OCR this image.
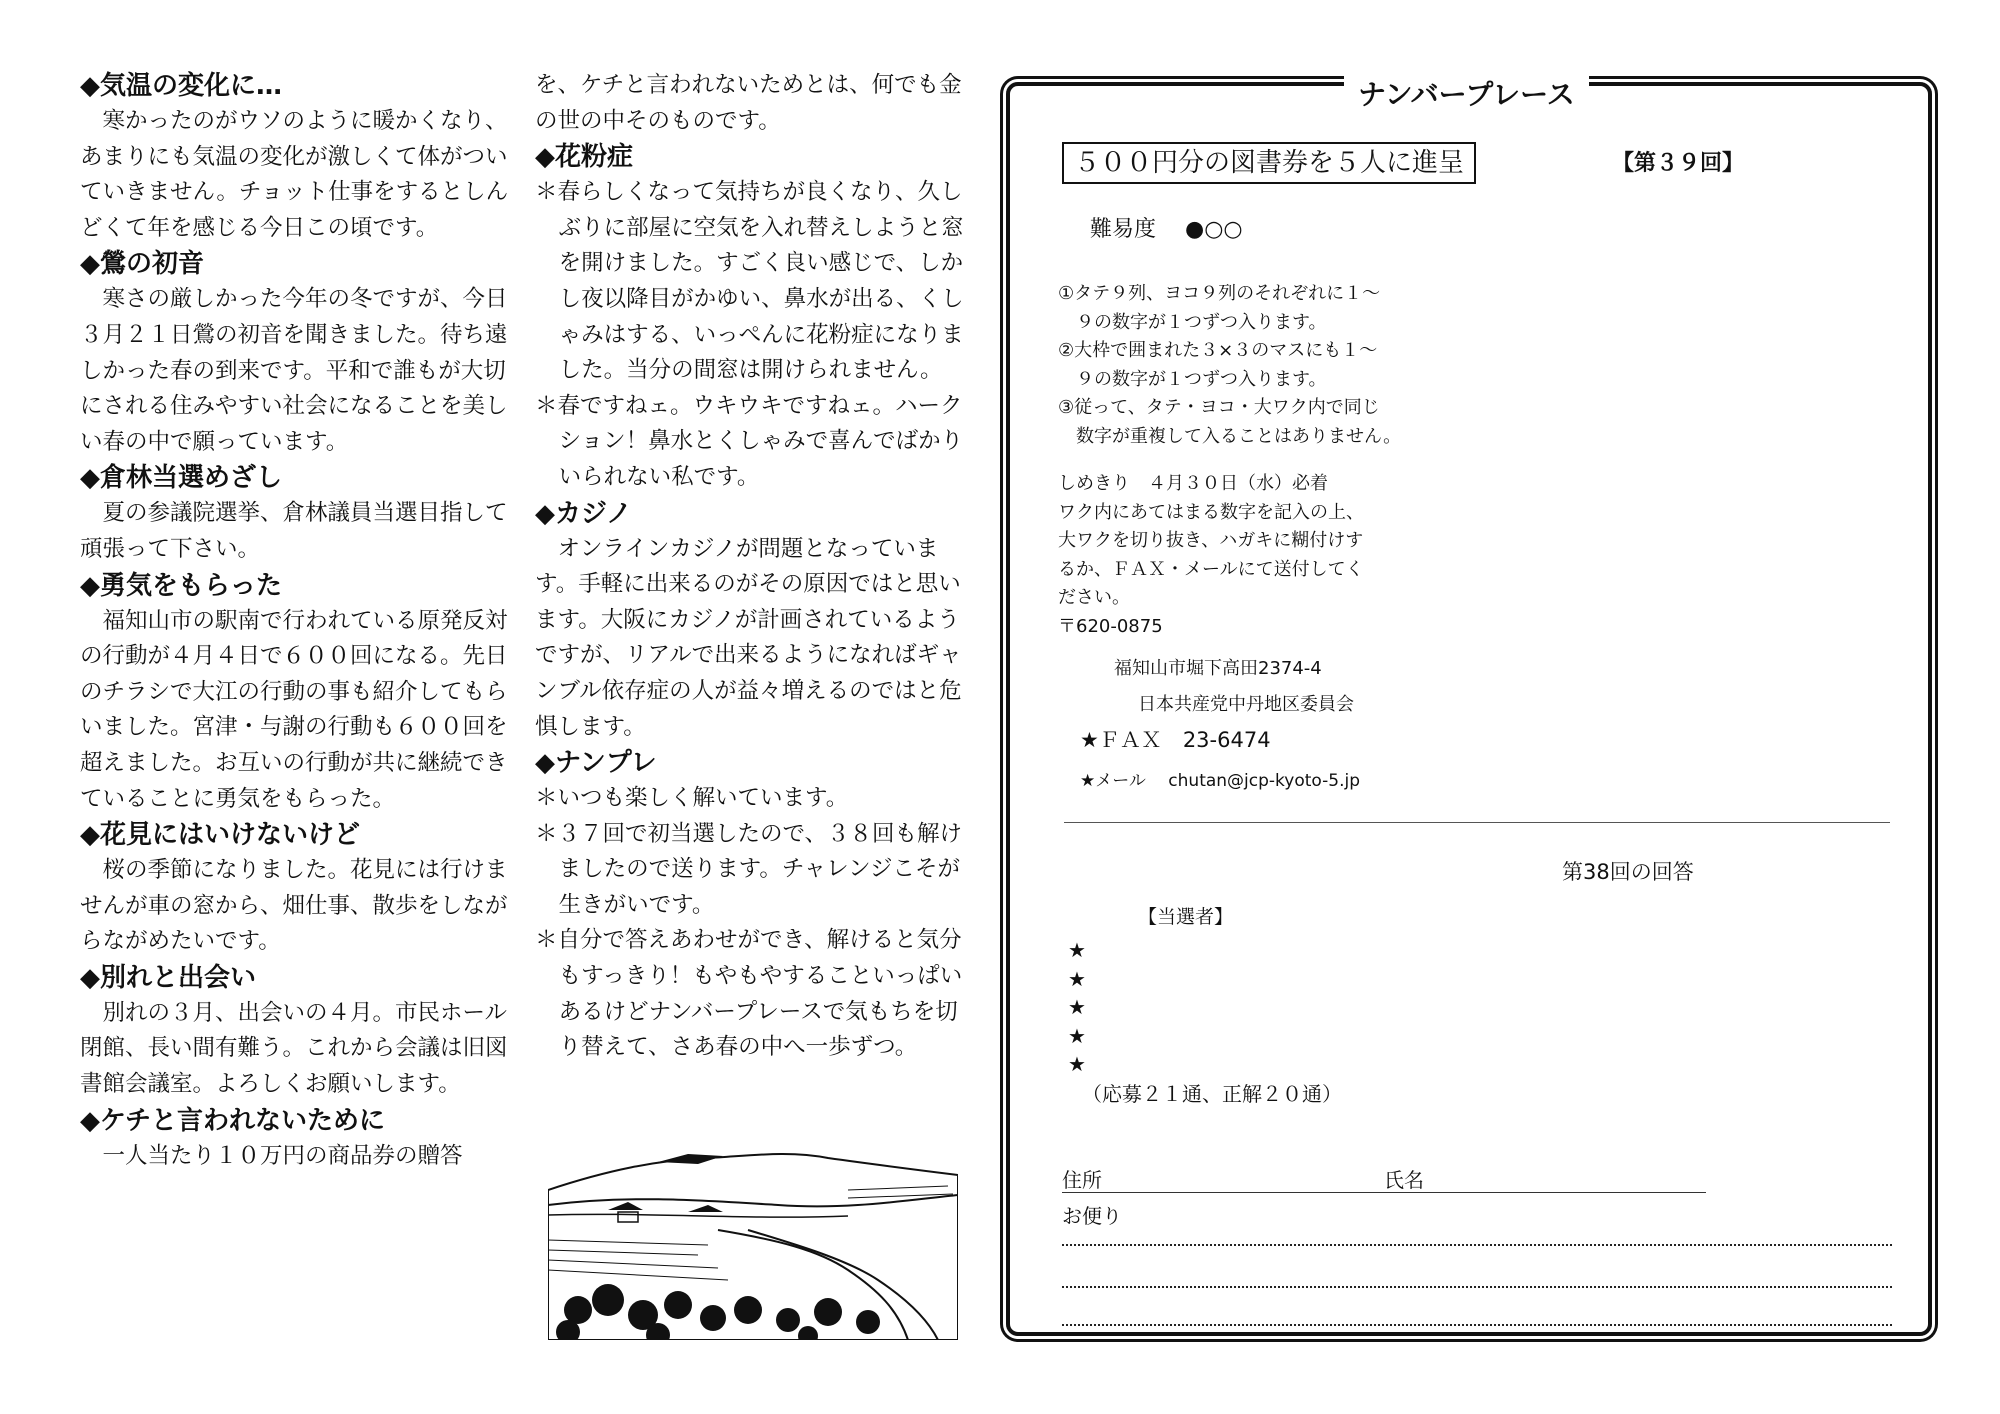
◆気温の変化に…

寒かったのがウソのように暖かくなり、あまりにも気温の変化が激しくて体がついていきません。チョット仕事をするとしんどくて年を感じる今日この頃です。

◆鶯の初音

寒さの厳しかった今年の冬ですが、今日３月２１日鶯の初音を聞きました。待ち遠しかった春の到来です。平和で誰もが大切にされる住みやすい社会になることを美しい春の中で願っています。

◆倉林当選めざし

夏の参議院選挙、倉林議員当選目指して頑張って下さい。

◆勇気をもらった

福知山市の駅南で行われている原発反対の行動が４月４日で６００回になる。先日のチラシで大江の行動の事も紹介してもらいました。宮津・与謝の行動も６００回を超えました。お互いの行動が共に継続できていることに勇気をもらった。

◆花見にはいけないけど

桜の季節になりました。花見には行けませんが車の窓から、畑仕事、散歩をしながらながめたいです。

◆別れと出会い

別れの３月、出会いの４月。市民ホール閉館、長い間有難う。これから会議は旧図書館会議室。よろしくお願いします。

◆ケチと言われないために

一人当たり１０万円の商品券の贈答

を、ケチと言われないためとは、何でも金の世の中そのものです。

◆花粉症

＊春らしくなって気持ちが良くなり、久しぶりに部屋に空気を入れ替えしようと窓を開けました。すごく良い感じで、しかし夜以降目がかゆい、鼻水が出る、くしゃみはする、いっぺんに花粉症になりました。当分の間窓は開けられません。

＊春ですねェ。ウキウキですねェ。ハークション！鼻水とくしゃみで喜んでばかりいられない私です。

◆カジノ

オンラインカジノが問題となっています。手軽に出来るのがその原因ではと思います。大阪にカジノが計画されているようですが、リアルで出来るようになればギャンブル依存症の人が益々増えるのではと危惧します。

◆ナンプレ

＊いつも楽しく解いています。

＊３７回で初当選したので、３８回も解けましたので送ります。チャレンジこそが生きがいです。

＊自分で答えあわせができ、解けると気分もすっきり！もやもやすることいっぱいあるけどナンバープレースで気もちを切り替えて、さあ春の中へ一歩ずつ。

ナンバープレース
５００円分の図書券を５人に進呈	【第３９回】
難易度 ●○○
①タテ９列、ヨコ９列のそれぞれに１～
　９の数字が１つずつ入ります。
②大枠で囲まれた３×３のマスにも１～
　９の数字が１つずつ入ります。
③従って、タテ・ヨコ・大ワク内で同じ
　数字が重複して入ることはありません。
しめきり　４月３０日（水）必着
ワク内にあてはまる数字を記入の上、
大ワクを切り抜き、ハガキに糊付けす
るか、ＦＡＸ・メールにて送付してく
ださい。
〒620-0875
福知山市堀下高田2374-4
日本共産党中丹地区委員会
★ＦＡＸ　23-6474
★メール　 chutan@jcp-kyoto-5.jp
第38回の回答
【当選者】
★
★
★
★
★
（応募２１通、正解２０通）
住所	氏名
お便り
